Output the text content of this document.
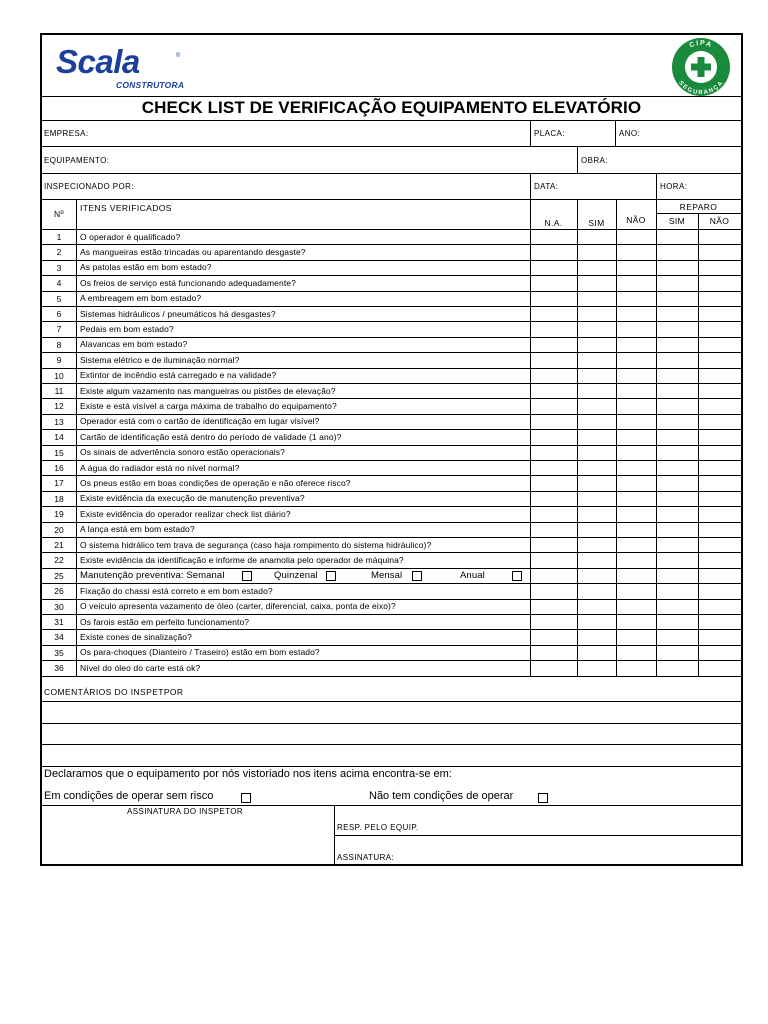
Scala	®
CONSTRUTORA
CIPA
SEGURANÇA
CHECK LIST DE VERIFICAÇÃO EQUIPAMENTO ELEVATÓRIO
EMPRESA:	PLACA:	ANO:
EQUIPAMENTO:	OBRA:
INSPECIONADO POR:	DATA:	HORA:
Nº
ITENS VERIFICADOS
N.A.	SIM	NÃO
REPARO
SIM	NÃO
1	O operador é qualificado?
2	As mangueiras estão trincadas ou aparentando desgaste?
3	As patolas estão em bom estado?
4	Os freios de serviço está funcionando adequadamente?
5	A embreagem em bom estado?
6	Sistemas hidráulicos / pneumáticos há desgastes?
7	Pedais em bom estado?
8	Alavancas em bom estado?
9	Sistema elétrico e de iluminação normal?
10	Extintor de incêndio está carregado e na validade?
11	Existe algum vazamento nas mangueiras ou pistões de elevação?
12	Existe e está visível a carga máxima de trabalho do equipamento?
13	Operador está com o cartão de identificação em lugar visível?
14	Cartão de identificação está dentro do período de validade (1 ano)?
15	Os sinais de advertência sonoro estão operacionais?
16	A água do radiador está no nível normal?
17	Os pneus estão em boas condições de operação e não oferece risco?
18	Existe evidência da execução de manutenção preventiva?
19	Existe evidência do operador realizar check list diário?
20	A lança está em bom estado?
21	O sistema hidrálico tem trava de segurança (caso haja rompimento do sistema hidráulico)?
22	Existe evidência da identificação e informe de anamolia pelo operador de máquina?
25	Manutenção preventiva: Semanal	Quinzenal	Mensal	Anual
26	Fixação do chassi está correto e em bom estado?
30	O veiculo apresenta vazamento de óleo (carter, diferencial, caixa, ponta de eixo)?
31	Os farois estão em perfeito funcionamento?
34	Existe cones de sinalização?
35	Os para-choques (Dianteiro / Traseiro) estão em bom estado?
36	Nível do óleo do carte está ok?
COMENTÁRIOS DO INSPETPOR
Declaramos que o equipamento por nós vistoriado nos itens acima encontra-se em:
Em condições de operar sem risco	Não tem condições de operar
ASSINATURA DO INSPETOR
RESP. PELO EQUIP.
ASSINATURA:
